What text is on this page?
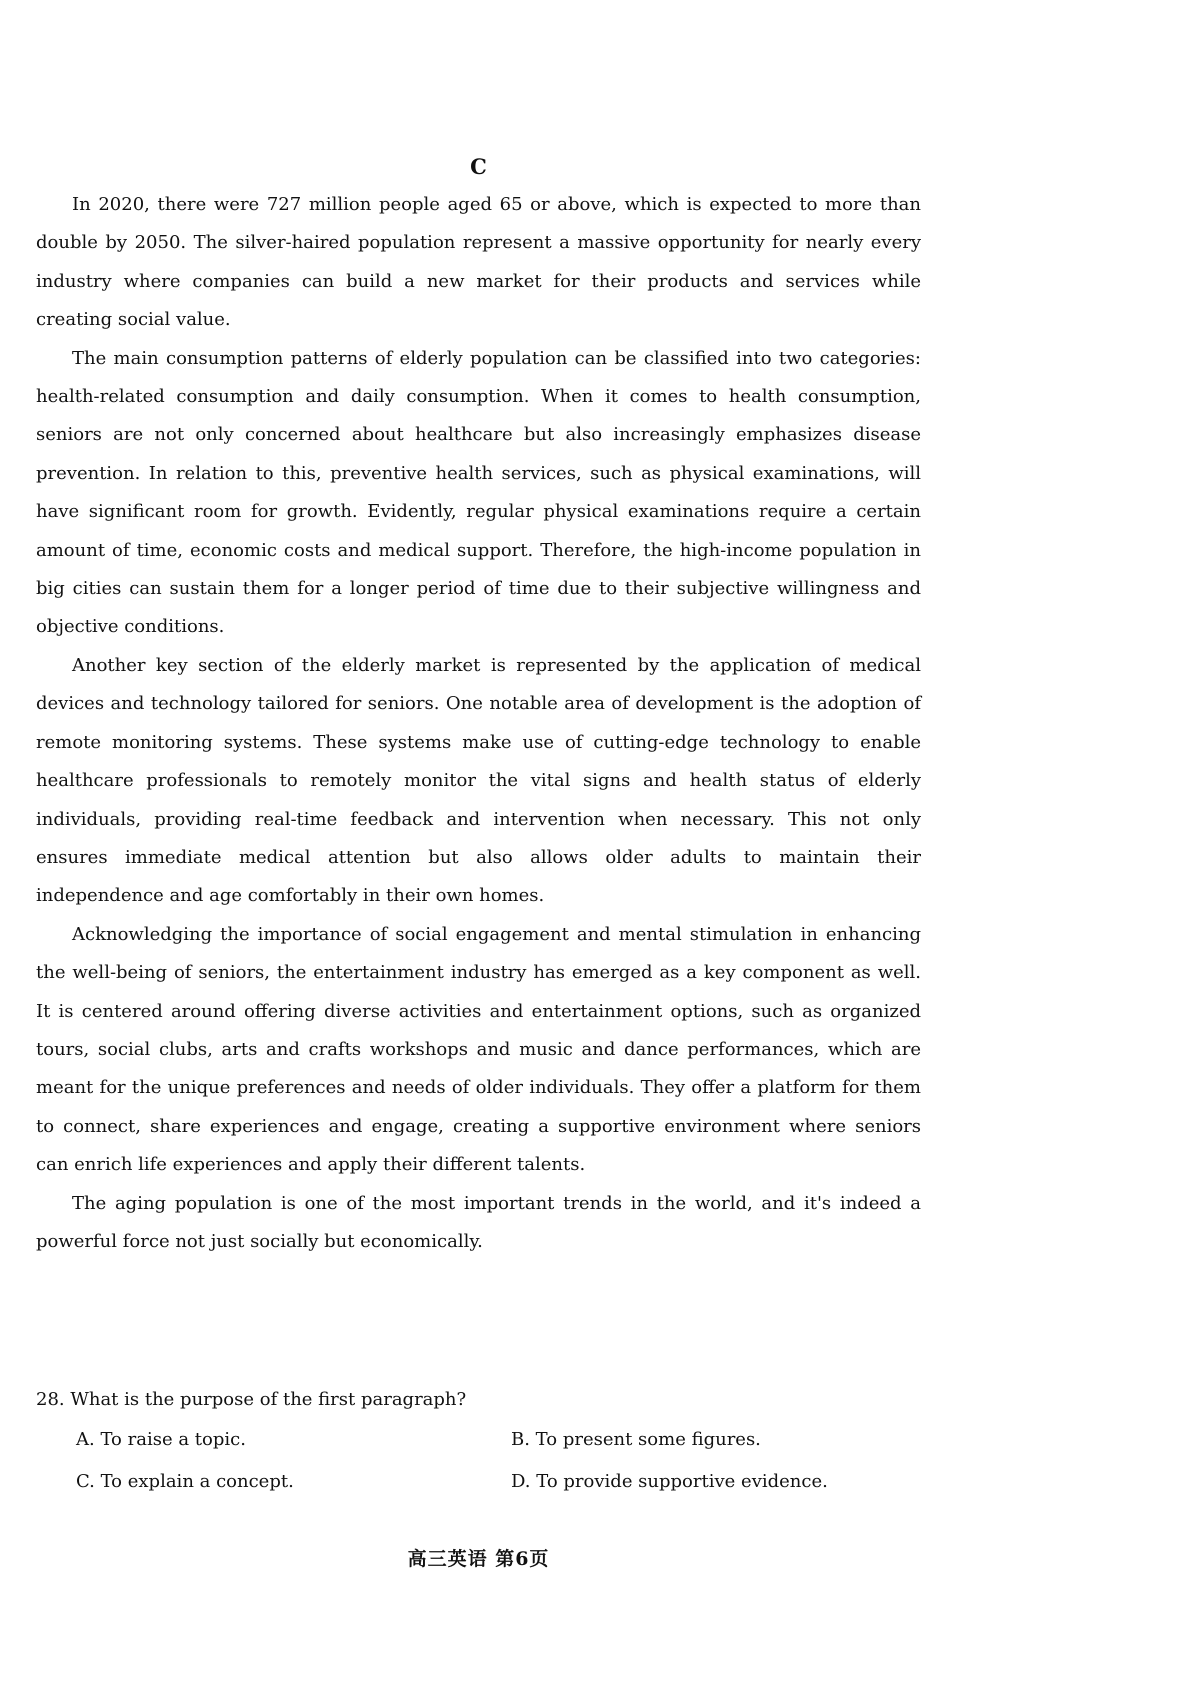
C

In 2020, there were 727 million people aged 65 or above, which is expected to more than double by 2050. The silver-haired population represent a massive opportunity for nearly every industry where companies can build a new market for their products and services while creating social value.

The main consumption patterns of elderly population can be classified into two categories: health-related consumption and daily consumption. When it comes to health consumption, seniors are not only concerned about healthcare but also increasingly emphasizes disease prevention. In relation to this, preventive health services, such as physical examinations, will have significant room for growth. Evidently, regular physical examinations require a certain amount of time, economic costs and medical support. Therefore, the high-income population in big cities can sustain them for a longer period of time due to their subjective willingness and objective conditions.

Another key section of the elderly market is represented by the application of medical devices and technology tailored for seniors. One notable area of development is the adoption of remote monitoring systems. These systems make use of cutting-edge technology to enable healthcare professionals to remotely monitor the vital signs and health status of elderly individuals, providing real-time feedback and intervention when necessary. This not only ensures immediate medical attention but also allows older adults to maintain their independence and age comfortably in their own homes.

Acknowledging the importance of social engagement and mental stimulation in enhancing the well-being of seniors, the entertainment industry has emerged as a key component as well. It is centered around offering diverse activities and entertainment options, such as organized tours, social clubs, arts and crafts workshops and music and dance performances, which are meant for the unique preferences and needs of older individuals. They offer a platform for them to connect, share experiences and engage, creating a supportive environment where seniors can enrich life experiences and apply their different talents.

The aging population is one of the most important trends in the world, and it's indeed a powerful force not just socially but economically.

28. What is the purpose of the first paragraph?
A. To raise a topic.	B. To present some figures.
C. To explain a concept.	D. To provide supportive evidence.
高三英语 第6页
